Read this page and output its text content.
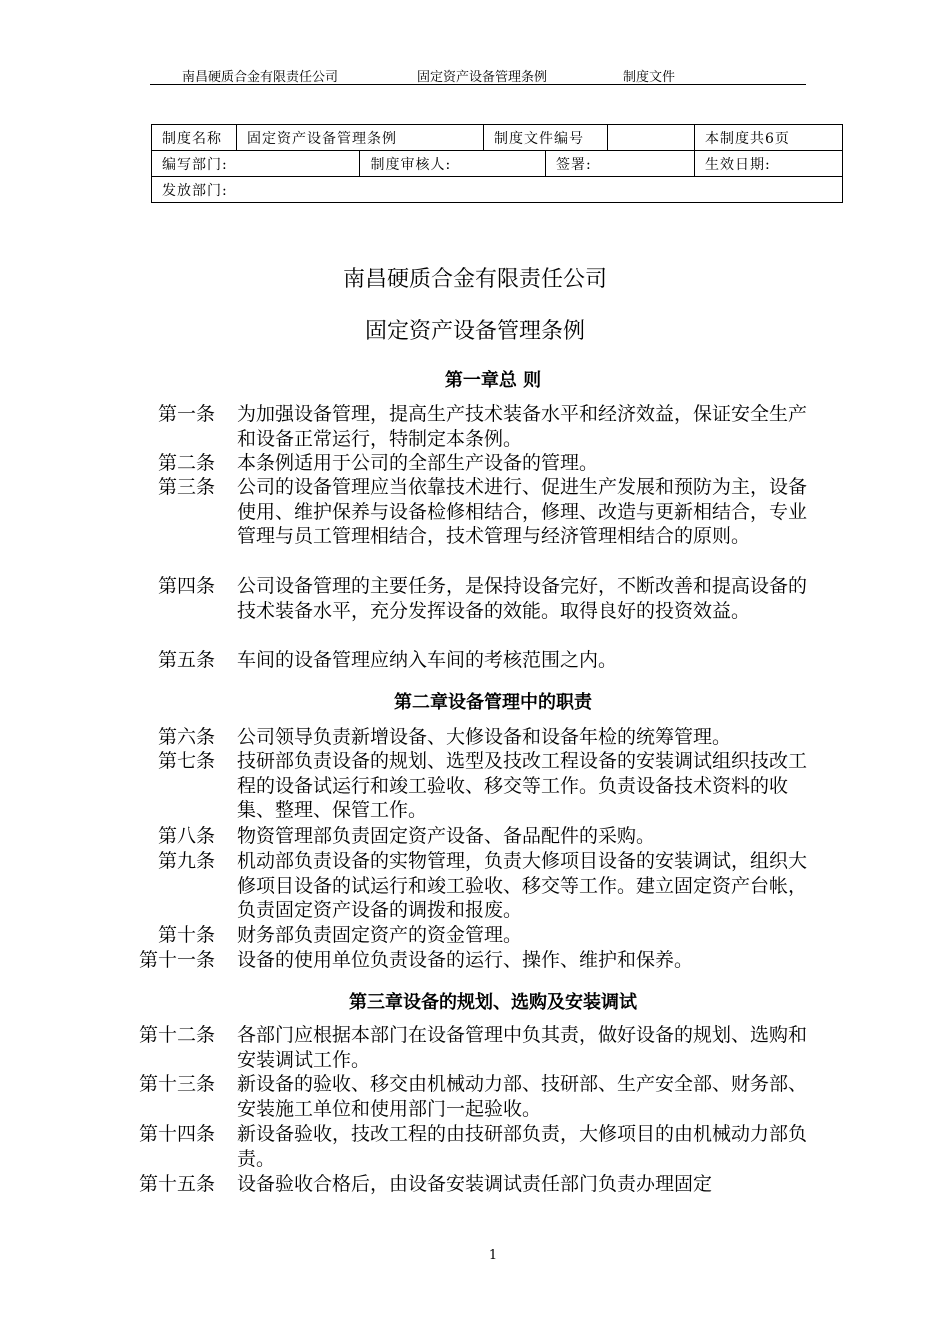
南昌硬质合金有限责任公司	固定资产设备管理条例	制度文件
制度名称	固定资产设备管理条例		制度文件编号			本制度共6页
编写部门:		制度审核人:		签署:		生效日期:
发放部门:						
南昌硬质合金有限责任公司
固定资产设备管理条例
第一章总 则
第一条 为加强设备管理，提高生产技术装备水平和经济效益，保证安全生产和设备正常运行，特制定本条例。
第二条 本条例适用于公司的全部生产设备的管理。
第三条 公司的设备管理应当依靠技术进行、促进生产发展和预防为主，设备使用、维护保养与设备检修相结合，修理、改造与更新相结合，专业管理与员工管理相结合，技术管理与经济管理相结合的原则。
第四条 公司设备管理的主要任务，是保持设备完好，不断改善和提高设备的技术装备水平，充分发挥设备的效能。取得良好的投资效益。
第五条 车间的设备管理应纳入车间的考核范围之内。
第二章设备管理中的职责
第六条 公司领导负责新增设备、大修设备和设备年检的统筹管理。
第七条 技研部负责设备的规划、选型及技改工程设备的安装调试组织技改工程的设备试运行和竣工验收、移交等工作。负责设备技术资料的收集、整理、保管工作。
第八条 物资管理部负责固定资产设备、备品配件的采购。
第九条 机动部负责设备的实物管理，负责大修项目设备的安装调试，组织大修项目设备的试运行和竣工验收、移交等工作。建立固定资产台帐，负责固定资产设备的调拨和报废。
第十条 财务部负责固定资产的资金管理。
第十一条 设备的使用单位负责设备的运行、操作、维护和保养。
第三章设备的规划、选购及安装调试
第十二条 各部门应根据本部门在设备管理中负其责，做好设备的规划、选购和安装调试工作。
第十三条 新设备的验收、移交由机械动力部、技研部、生产安全部、财务部、安装施工单位和使用部门一起验收。
第十四条 新设备验收，技改工程的由技研部负责，大修项目的由机械动力部负责。
第十五条 设备验收合格后，由设备安装调试责任部门负责办理固定
1
